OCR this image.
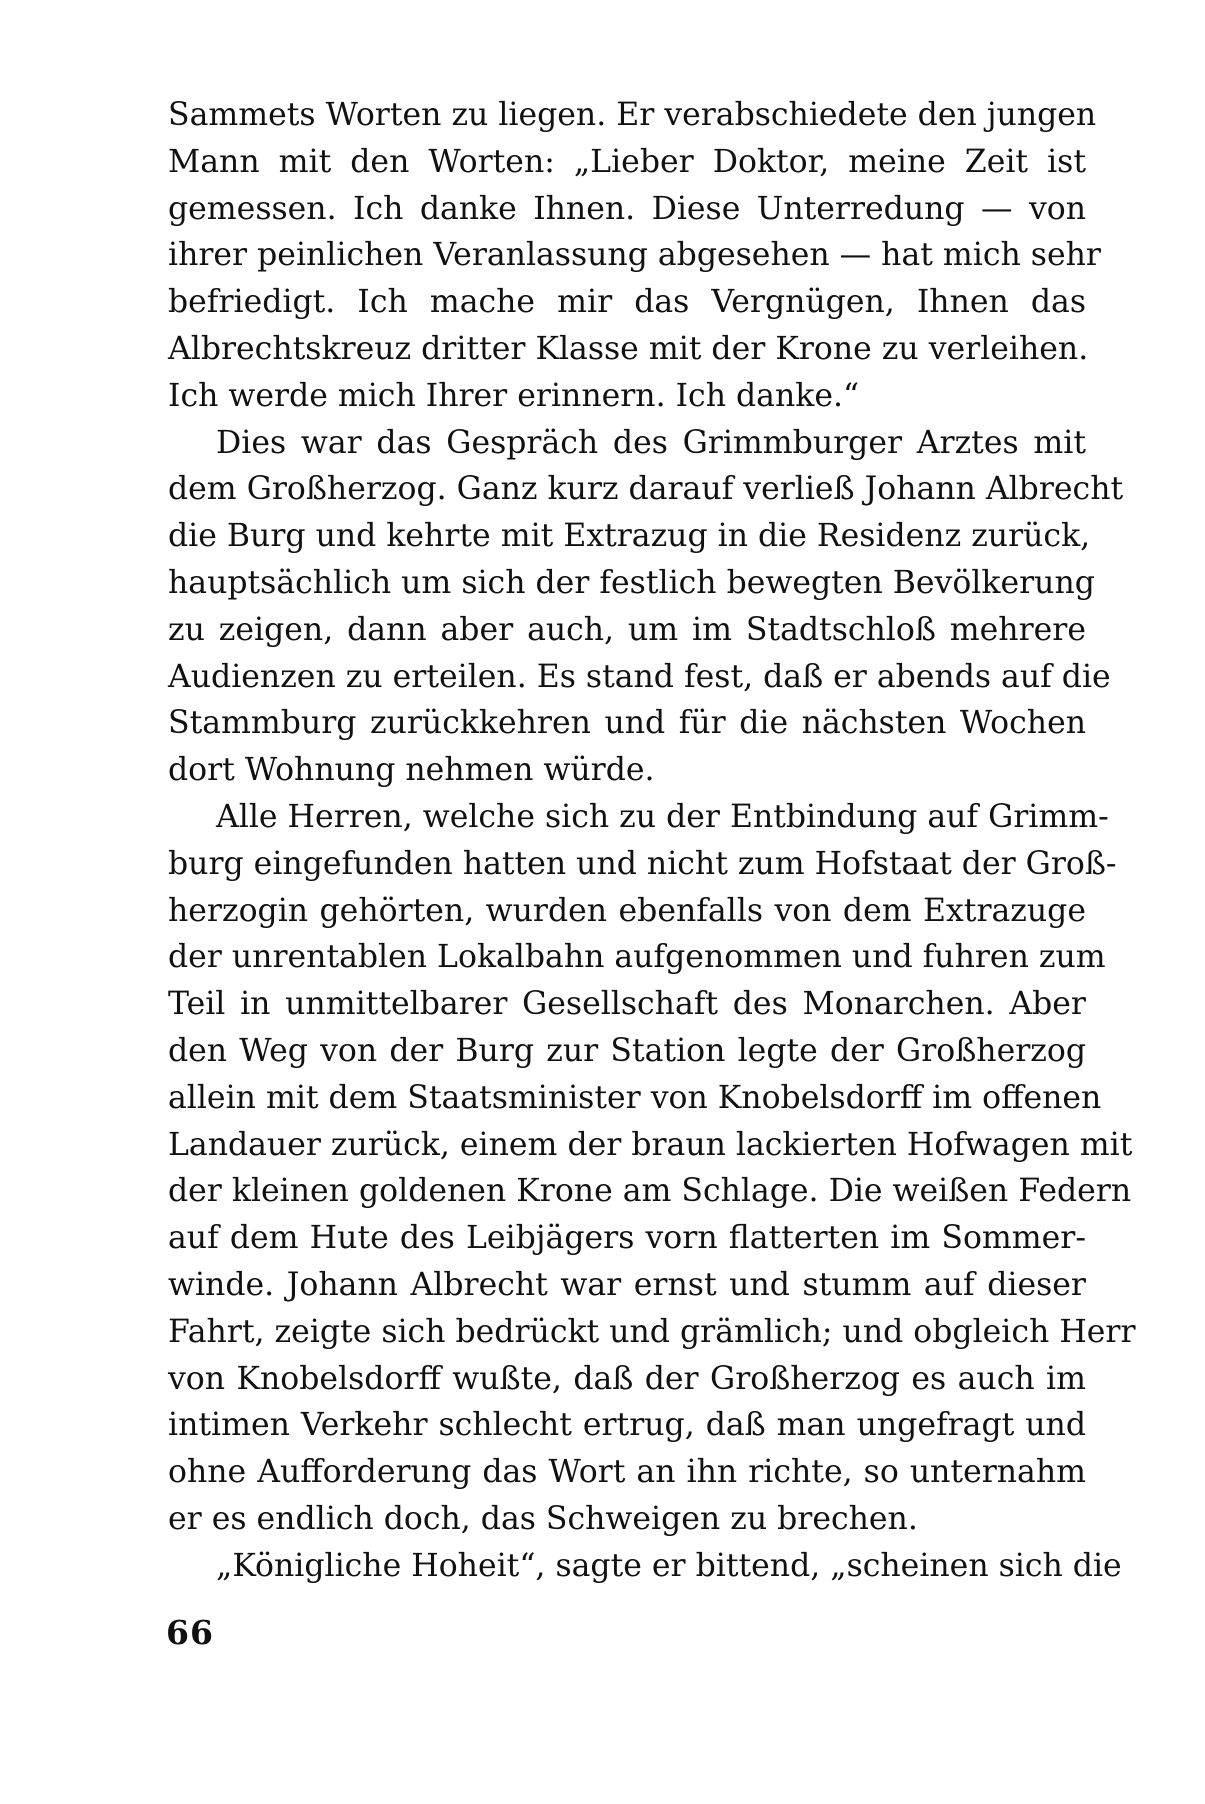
Sammets Worten zu liegen. Er verabschiedete den jungen
Mann mit den Worten: „Lieber Doktor, meine Zeit ist
gemessen. Ich danke Ihnen. Diese Unterredung — von
ihrer peinlichen Veranlassung abgesehen — hat mich sehr
befriedigt. Ich mache mir das Vergnügen, Ihnen das
Albrechtskreuz dritter Klasse mit der Krone zu verleihen.
Ich werde mich Ihrer erinnern. Ich danke.“

Dies war das Gespräch des Grimmburger Arztes mit
dem Großherzog. Ganz kurz darauf verließ Johann Albrecht
die Burg und kehrte mit Extrazug in die Residenz zurück,
hauptsächlich um sich der festlich bewegten Bevölkerung
zu zeigen, dann aber auch, um im Stadtschloß mehrere
Audienzen zu erteilen. Es stand fest, daß er abends auf die
Stammburg zurückkehren und für die nächsten Wochen
dort Wohnung nehmen würde.

Alle Herren, welche sich zu der Entbindung auf Grimm-
burg eingefunden hatten und nicht zum Hofstaat der Groß-
herzogin gehörten, wurden ebenfalls von dem Extrazuge
der unrentablen Lokalbahn aufgenommen und fuhren zum
Teil in unmittelbarer Gesellschaft des Monarchen. Aber
den Weg von der Burg zur Station legte der Großherzog
allein mit dem Staatsminister von Knobelsdorff im offenen
Landauer zurück, einem der braun lackierten Hofwagen mit
der kleinen goldenen Krone am Schlage. Die weißen Federn
auf dem Hute des Leibjägers vorn flatterten im Sommer-
winde. Johann Albrecht war ernst und stumm auf dieser
Fahrt, zeigte sich bedrückt und grämlich; und obgleich Herr
von Knobelsdorff wußte, daß der Großherzog es auch im
intimen Verkehr schlecht ertrug, daß man ungefragt und
ohne Aufforderung das Wort an ihn richte, so unternahm
er es endlich doch, das Schweigen zu brechen.

„Königliche Hoheit“, sagte er bittend, „scheinen sich die

66
